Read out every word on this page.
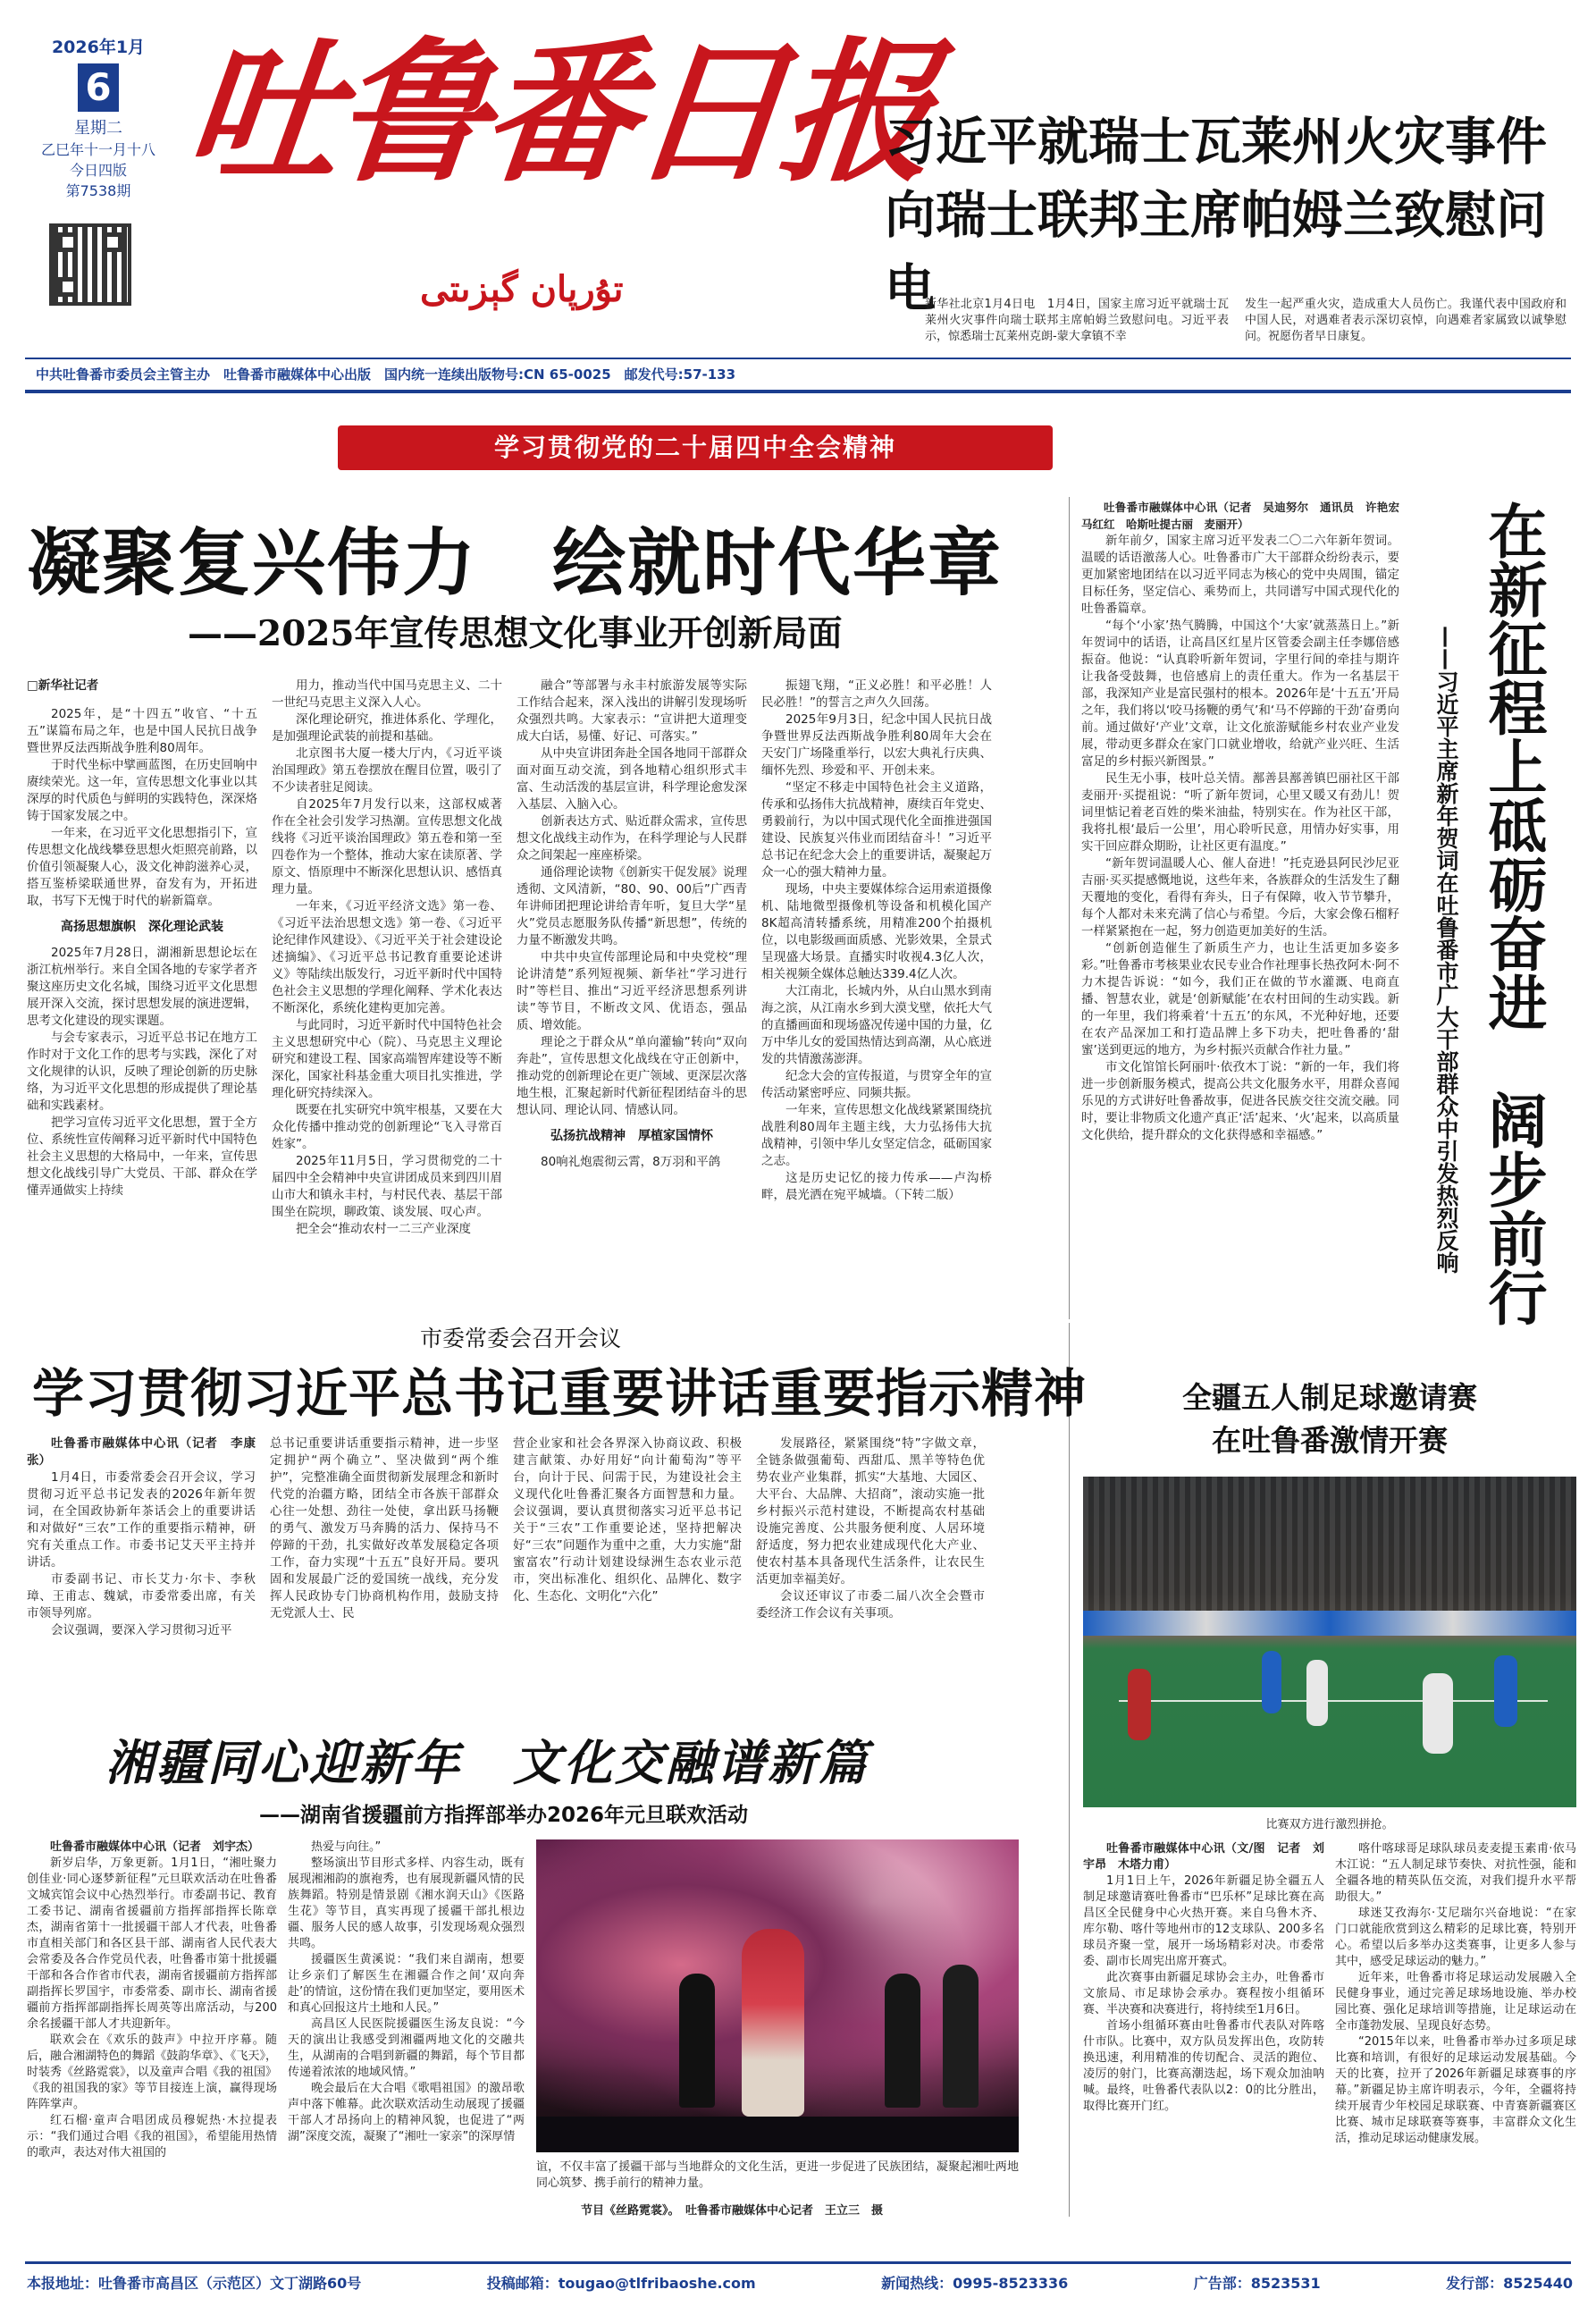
2026年1月
6
星期二
乙巳年十一月十八
今日四版
第7538期 吐鲁番日报
تۇرپان گېزىتى
习近平就瑞士瓦莱州火灾事件
向瑞士联邦主席帕姆兰致慰问电
新华社北京1月4日电　1月4日，国家主席习近平就瑞士瓦莱州火灾事件向瑞士联邦主席帕姆兰致慰问电。习近平表示，惊悉瑞士瓦莱州克朗-蒙大拿镇不幸
发生一起严重火灾，造成重大人员伤亡。我谨代表中国政府和中国人民，对遇难者表示深切哀悼，向遇难者家属致以诚挚慰问。祝愿伤者早日康复。
中共吐鲁番市委员会主管主办　吐鲁番市融媒体中心出版　国内统一连续出版物号:CN 65-0025　邮发代号:57-133
学习贯彻党的二十届四中全会精神
凝聚复兴伟力　绘就时代华章
——2025年宣传思想文化事业开创新局面
□新华社记者

2025年，是“十四五”收官、“十五五”谋篇布局之年，也是中国人民抗日战争暨世界反法西斯战争胜利80周年。

于时代坐标中擘画蓝图，在历史回响中赓续荣光。这一年，宣传思想文化事业以其深厚的时代质色与鲜明的实践特色，深深烙铸于国家发展之中。

一年来，在习近平文化思想指引下，宣传思想文化战线攀登思想火炬照亮前路，以价值引领凝聚人心，汲文化神韵滋养心灵，搭互鉴桥梁联通世界，奋发有为，开拓进取，书写下无愧于时代的崭新篇章。

高扬思想旗帜　深化理论武装

2025年7月28日，湖湘新思想论坛在浙江杭州举行。来自全国各地的专家学者齐聚这座历史文化名城，围绕习近平文化思想展开深入交流，探讨思想发展的演进逻辑，思考文化建设的现实课题。

与会专家表示，习近平总书记在地方工作时对于文化工作的思考与实践，深化了对文化规律的认识，反映了理论创新的历史脉络，为习近平文化思想的形成提供了理论基础和实践素材。

把学习宣传习近平文化思想，置于全方位、系统性宣传阐释习近平新时代中国特色社会主义思想的大格局中，一年来，宣传思想文化战线引导广大党员、干部、群众在学懂弄通做实上持续

用力，推动当代中国马克思主义、二十一世纪马克思主义深入人心。

深化理论研究，推进体系化、学理化，是加强理论武装的前提和基础。

北京图书大厦一楼大厅内，《习近平谈治国理政》第五卷摆放在醒目位置，吸引了不少读者驻足阅读。

自2025年7月发行以来，这部权威著作在全社会引发学习热潮。宣传思想文化战线将《习近平谈治国理政》第五卷和第一至四卷作为一个整体，推动大家在读原著、学原文、悟原理中不断深化思想认识、感悟真理力量。

一年来，《习近平经济文选》第一卷、《习近平法治思想文选》第一卷、《习近平论纪律作风建设》、《习近平关于社会建设论述摘编》、《习近平总书记教育重要论述讲义》等陆续出版发行，习近平新时代中国特色社会主义思想的学理化阐释、学术化表达不断深化，系统化建构更加完善。

与此同时，习近平新时代中国特色社会主义思想研究中心（院）、马克思主义理论研究和建设工程、国家高端智库建设等不断深化，国家社科基金重大项目扎实推进，学理化研究持续深入。

既要在扎实研究中筑牢根基，又要在大众化传播中推动党的创新理论“飞入寻常百姓家”。

2025年11月5日，学习贯彻党的二十届四中全会精神中央宣讲团成员来到四川眉山市大和镇永丰村，与村民代表、基层干部围坐在院坝，聊政策、谈发展、叹心声。

把全会“推动农村一二三产业深度

融合”等部署与永丰村旅游发展等实际工作结合起来，深入浅出的讲解引发现场听众强烈共鸣。大家表示：“宣讲把大道理变成大白话，易懂、好记、可落实。”

从中央宣讲团奔赴全国各地同干部群众面对面互动交流，到各地精心组织形式丰富、生动活泼的基层宣讲，科学理论愈发深入基层、入脑入心。

创新表达方式、贴近群众需求，宣传思想文化战线主动作为，在科学理论与人民群众之间架起一座座桥梁。

通俗理论读物《创新实干促发展》说理透彻、文风清新，“80、90、00后”广西青年讲师团把理论讲给青年听，复旦大学“星火”党员志愿服务队传播“新思想”，传统的力量不断激发共鸣。

中共中央宣传部理论局和中央党校“理论讲清楚”系列短视频、新华社“学习进行时”等栏目、推出“习近平经济思想系列讲读”等节目，不断改文风、优语态，强品质、增效能。

理论之于群众从“单向灌输”转向“双向奔赴”，宣传思想文化战线在守正创新中，推动党的创新理论在更广领域、更深层次落地生根，汇聚起新时代新征程团结奋斗的思想认同、理论认同、情感认同。

弘扬抗战精神　厚植家国情怀

80响礼炮震彻云霄，8万羽和平鸽

振翅飞翔，“正义必胜！和平必胜！人民必胜！”的誓言之声久久回荡。

2025年9月3日，纪念中国人民抗日战争暨世界反法西斯战争胜利80周年大会在天安门广场隆重举行，以宏大典礼行庆典、缅怀先烈、珍爱和平、开创未来。

“坚定不移走中国特色社会主义道路，传承和弘扬伟大抗战精神，赓续百年党史、勇毅前行，为以中国式现代化全面推进强国建设、民族复兴伟业而团结奋斗！”习近平总书记在纪念大会上的重要讲话，凝聚起万众一心的强大精神力量。

现场，中央主要媒体综合运用索道摄像机、陆地微型摄像机等设备和机模化国产8K超高清转播系统，用精准200个拍摄机位，以电影级画面质感、光影效果，全景式呈现盛大场景。直播实时收视4.3亿人次，相关视频全媒体总触达339.4亿人次。

大江南北，长城内外，从白山黑水到南海之滨，从江南水乡到大漠戈壁，依托大气的直播画面和现场盛况传递中国的力量，亿万中华儿女的爱国热情达到高潮，从心底迸发的共情激荡澎湃。

纪念大会的宣传报道，与贯穿全年的宣传活动紧密呼应、同频共振。

一年来，宣传思想文化战线紧紧围绕抗战胜利80周年主题主线，大力弘扬伟大抗战精神，引领中华儿女坚定信念，砥砺国家之志。

这是历史记忆的接力传承——卢沟桥畔，晨光洒在宛平城墙。（下转二版）

吐鲁番市融媒体中心讯（记者　吴迪努尔　通讯员　许艳宏　马红红　哈斯吐提古丽　麦丽开）

新年前夕，国家主席习近平发表二〇二六年新年贺词。温暖的话语激荡人心。吐鲁番市广大干部群众纷纷表示，要更加紧密地团结在以习近平同志为核心的党中央周围，锚定目标任务，坚定信心、乘势而上，共同谱写中国式现代化的吐鲁番篇章。

“每个‘小家’热气腾腾，中国这个‘大家’就蒸蒸日上。”新年贺词中的话语，让高昌区红星片区管委会副主任李娜倍感振奋。他说：“认真聆听新年贺词，字里行间的牵挂与期许让我备受鼓舞，也倍感肩上的责任重大。作为一名基层干部，我深知产业是富民强村的根本。2026年是‘十五五’开局之年，我们将以‘咬马扬鞭的勇气’和‘马不停蹄的干劲’奋勇向前。通过做好‘产业’文章，让文化旅游赋能乡村农业产业发展，带动更多群众在家门口就业增收，给就产业兴旺、生活富足的乡村振兴新图景。”

民生无小事，枝叶总关情。鄯善县鄯善镇巴丽社区干部麦丽开·买提祖说：“听了新年贺词，心里又暖又有劲儿！贺词里惦记着老百姓的柴米油盐，特别实在。作为社区干部，我将扎根‘最后一公里’，用心聆听民意，用情办好实事，用实干回应群众期盼，让社区更有温度。”

“新年贺词温暖人心、催人奋进！”托克逊县阿民沙尼亚吉丽·买买提感慨地说，这些年来，各族群众的生活发生了翻天覆地的变化，看得有奔头，日子有保障，收入节节攀升，每个人都对未来充满了信心与希望。今后，大家会像石榴籽一样紧紧抱在一起，努力创造更加美好的生活。

“创新创造催生了新质生产力，也让生活更加多姿多彩。”吐鲁番市考核果业农民专业合作社理事长热孜阿木·阿不力木提告诉说：“如今，我们正在做的节水灌溉、电商直播、智慧农业，就是‘创新赋能’在农村田间的生动实践。新的一年里，我们将乘着‘十五五’的东风，不光种好地，还要在农产品深加工和打造品牌上多下功夫，把吐鲁番的‘甜蜜’送到更远的地方，为乡村振兴贡献合作社力量。”

市文化馆馆长阿丽叶·依孜木丁说：“新的一年，我们将进一步创新服务模式，提高公共文化服务水平，用群众喜闻乐见的方式讲好吐鲁番故事，促进各民族交往交流交融。同时，要让非物质文化遗产真正‘活’起来、‘火’起来，以高质量文化供给，提升群众的文化获得感和幸福感。”	在新征程上砥砺奋进　阔步前行
——习近平主席新年贺词在吐鲁番市广大干部群众中引发热烈反响
市委常委会召开会议
学习贯彻习近平总书记重要讲话重要指示精神
吐鲁番市融媒体中心讯（记者　李康张）

1月4日，市委常委会召开会议，学习贯彻习近平总书记发表的2026年新年贺词，在全国政协新年茶话会上的重要讲话和对做好“三农”工作的重要指示精神，研究有关重点工作。市委书记艾天平主持并讲话。

市委副书记、市长艾力·尔卡、李秋璋、王甫志、魏斌，市委常委出席，有关市领导列席。

会议强调，要深入学习贯彻习近平

总书记重要讲话重要指示精神，进一步坚定拥护“两个确立”、坚决做到“两个维护”，完整准确全面贯彻新发展理念和新时代党的治疆方略，团结全市各族干部群众心往一处想、劲往一处使，拿出跃马扬鞭的勇气、激发万马奔腾的活力、保持马不停蹄的干劲，扎实做好改革发展稳定各项工作，奋力实现“十五五”良好开局。要巩固和发展最广泛的爱国统一战线，充分发挥人民政协专门协商机构作用，鼓励支持无党派人士、民
营企业家和社会各界深入协商议政、积极建言献策、办好用好“向计葡萄沟”等平台，向计于民、问需于民，为建设社会主义现代化吐鲁番汇聚各方面智慧和力量。 会议强调，要认真贯彻落实习近平总书记关于“三农”工作重要论述，坚持把解决好“三农”问题作为重中之重，大力实施“甜蜜富农”行动计划建设绿洲生态农业示范市，突出标准化、组织化、品牌化、数字化、生态化、文明化“六化”

发展路径，紧紧围绕“特”字做文章，全链条做强葡萄、西甜瓜、黑羊等特色优势农业产业集群，抓实“大基地、大园区、大平台、大品牌、大招商”，滚动实施一批乡村振兴示范村建设，不断提高农村基础设施完善度、公共服务便利度、人居环境舒适度，努力把农业建成现代化大产业、使农村基本具备现代生活条件，让农民生活更加幸福美好。

会议还审议了市委二届八次全会暨市委经济工作会议有关事项。

湘疆同心迎新年　文化交融谱新篇
——湖南省援疆前方指挥部举办2026年元旦联欢活动
吐鲁番市融媒体中心讯（记者　刘宇杰）

新岁启华，万象更新。1月1日，“湘吐聚力 创佳业·同心逐梦新征程”元旦联欢活动在吐鲁番文城宾馆会议中心热烈举行。市委副书记、教育工委书记、湖南省援疆前方指挥部指挥长陈章杰，湖南省第十一批援疆干部人才代表，吐鲁番市直相关部门和各区县干部、湖南省人民代表大会常委及各合作党员代表，吐鲁番市第十批援疆干部和各合作省市代表，湖南省援疆前方指挥部副指挥长罗国宇，市委常委、副市长、湖南省援疆前方指挥部副指挥长周英等出席活动，与200余名援疆干部人才共迎新年。

联欢会在《欢乐的鼓声》中拉开序幕。随后，融合湘湖特色的舞蹈《鼓韵华章》、《飞天》，时装秀《丝路霓裳》，以及童声合唱《我的祖国》《我的祖国我的家》等节目接连上演，赢得现场阵阵掌声。

红石榴·童声合唱团成员穆妮热·木拉提表示：“我们通过合唱《我的祖国》，希望能用热情的歌声，表达对伟大祖国的

热爱与向往。”

整场演出节目形式多样、内容生动，既有展现湘湘韵的旗袍秀，也有展现新疆风情的民族舞蹈。特别是情景剧《湘水润天山》《医路生花》等节目，真实再现了援疆干部扎根边疆、服务人民的感人故事，引发现场观众强烈共鸣。

援疆医生黄溪说：“我们来自湖南，想要让乡亲们了解医生在湘疆合作之间‘双向奔赴’的情谊，这份情在我们更加坚定，要用医术和真心回报这片土地和人民。”

高昌区人民医院援疆医生汤友良说：“今天的演出让我感受到湘疆两地文化的交融共生，从湖南的合唱到新疆的舞蹈，每个节目都传递着浓浓的地域风情。”

晚会最后在大合唱《歌唱祖国》的激昂歌声中落下帷幕。此次联欢活动生动展现了援疆干部人才昂扬向上的精神风貌，也促进了“两湖”深度交流，凝聚了“湘吐一家亲”的深厚情

谊，不仅丰富了援疆干部与当地群众的文化生活，更进一步促进了民族团结，凝聚起湘吐两地同心筑梦、携手前行的精神力量。
节目《丝路霓裳》。　吐鲁番市融媒体中心记者　王立三　摄
全疆五人制足球邀请赛
在吐鲁番激情开赛
比赛双方进行激烈拼抢。
吐鲁番市融媒体中心讯（文/图　记者　刘宇昂　木塔力甫）

1月1日上午，2026年新疆足协全疆五人制足球邀请赛吐鲁番市“巴乐杯”足球比赛在高昌区全民健身中心火热开赛。来自乌鲁木齐、库尔勒、喀什等地州市的12支球队、200多名球员齐聚一堂，展开一场场精彩对决。市委常委、副市长周宪出席开赛式。

此次赛事由新疆足球协会主办，吐鲁番市文旅局、市足球协会承办。赛程按小组循环赛、半决赛和决赛进行，将持续至1月6日。

首场小组循环赛由吐鲁番市代表队对阵喀什市队。比赛中，双方队员发挥出色，攻防转换迅速，利用精准的传切配合、灵活的跑位、凌厉的射门，比赛高潮迭起，场下观众加油呐喊。最终，吐鲁番代表队以2：0的比分胜出，取得比赛开门红。

喀什喀球哥足球队球员麦麦提玉素甫·依马木江说：“五人制足球节奏快、对抗性强，能和全疆各地的精英队伍交流，对我们提升水平帮助很大。”

球迷艾孜海尔·艾尼瑞尔兴奋地说：“在家门口就能欣赏到这么精彩的足球比赛，特别开心。希望以后多举办这类赛事，让更多人参与其中，感受足球运动的魅力。”

近年来，吐鲁番市将足球运动发展融入全民健身事业，通过完善足球场地设施、举办校园比赛、强化足球培训等措施，让足球运动在全市蓬勃发展、呈现良好态势。

“2015年以来，吐鲁番市举办过多项足球比赛和培训，有很好的足球运动发展基础。今天的比赛，拉开了2026年新疆足球赛事的序幕。”新疆足协主席许明表示，今年，全疆将持续开展青少年校园足球联赛、中青赛新疆赛区比赛、城市足球联赛等赛事，丰富群众文化生活，推动足球运动健康发展。

本报地址：吐鲁番市高昌区（示范区）文丁湖路60号	投稿邮箱：tougao@tlfribaoshe.com	新闻热线：0995-8523336	广告部：8523531	发行部：8525440
